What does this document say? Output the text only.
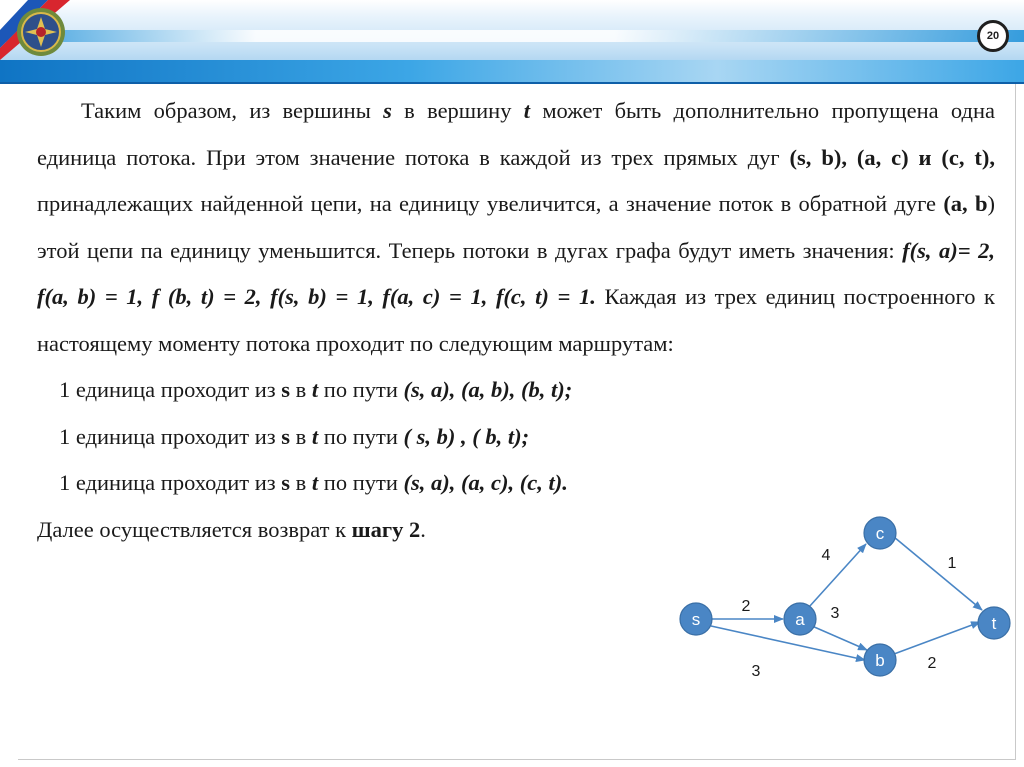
20

Таким образом, из вершины s в вершину t может быть дополнительно пропущена одна единица потока. При этом значение потока в каждой из трех прямых дуг (s, b), (a, c) и (c, t), принадлежащих найденной цепи, на единицу увеличится, а значение поток в обратной дуге (a, b) этой цепи па единицу уменьшится. Теперь потоки в дугах графа будут иметь значения: f(s, a)= 2, f(a, b) = 1, f (b, t) = 2, f(s, b) = 1, f(a, c) = 1, f(c, t) = 1. Каждая из трех единиц построенного к настоящему моменту потока проходит по следующим маршрутам:

1 единица проходит из s в t по пути (s, a), (a, b), (b, t);

1 единица проходит из s в t по пути ( s, b) , ( b, t);

1 единица проходит из s в t по пути (s, a), (a, c), (c, t).

Далее осуществляется возврат к шагу 2.

s	a
b
c
t
2
3
3
4	1
2
